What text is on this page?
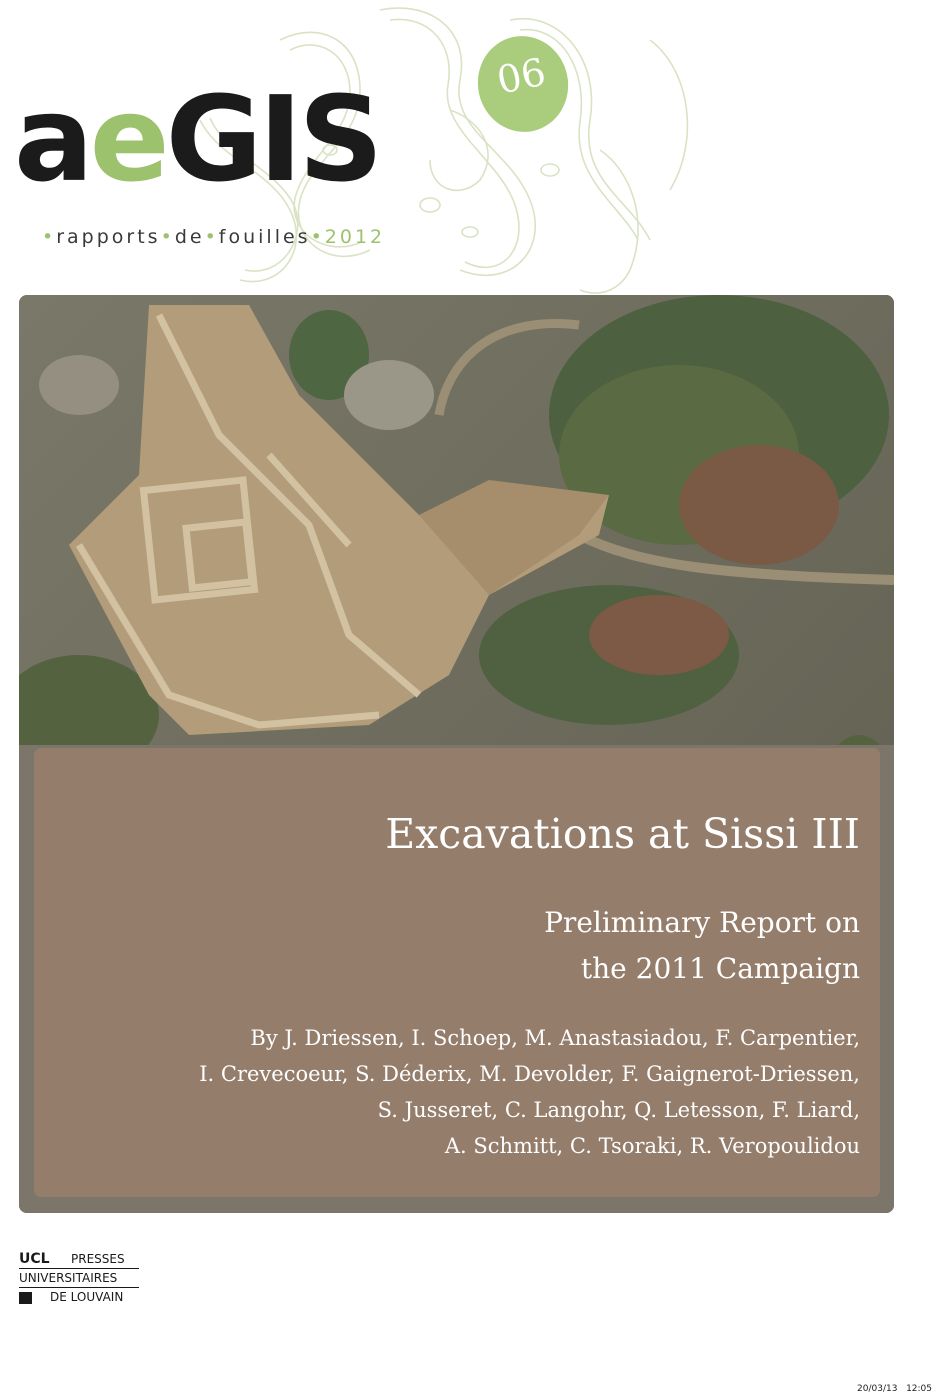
aeGIS	06
•rapports•de•fouilles•2012
Excavations at Sissi III
Preliminary Report on
the 2011 Campaign
By J. Driessen, I. Schoep, M. Anastasiadou, F. Carpentier,
I. Crevecoeur, S. Déderix, M. Devolder, F. Gaignerot-Driessen,
S. Jusseret, C. Langohr, Q. Letesson, F. Liard,
A. Schmitt, C. Tsoraki, R. Veropoulidou
UCL PRESSES
UNIVERSITAIRES
DE LOUVAIN
20/03/13 12:05
